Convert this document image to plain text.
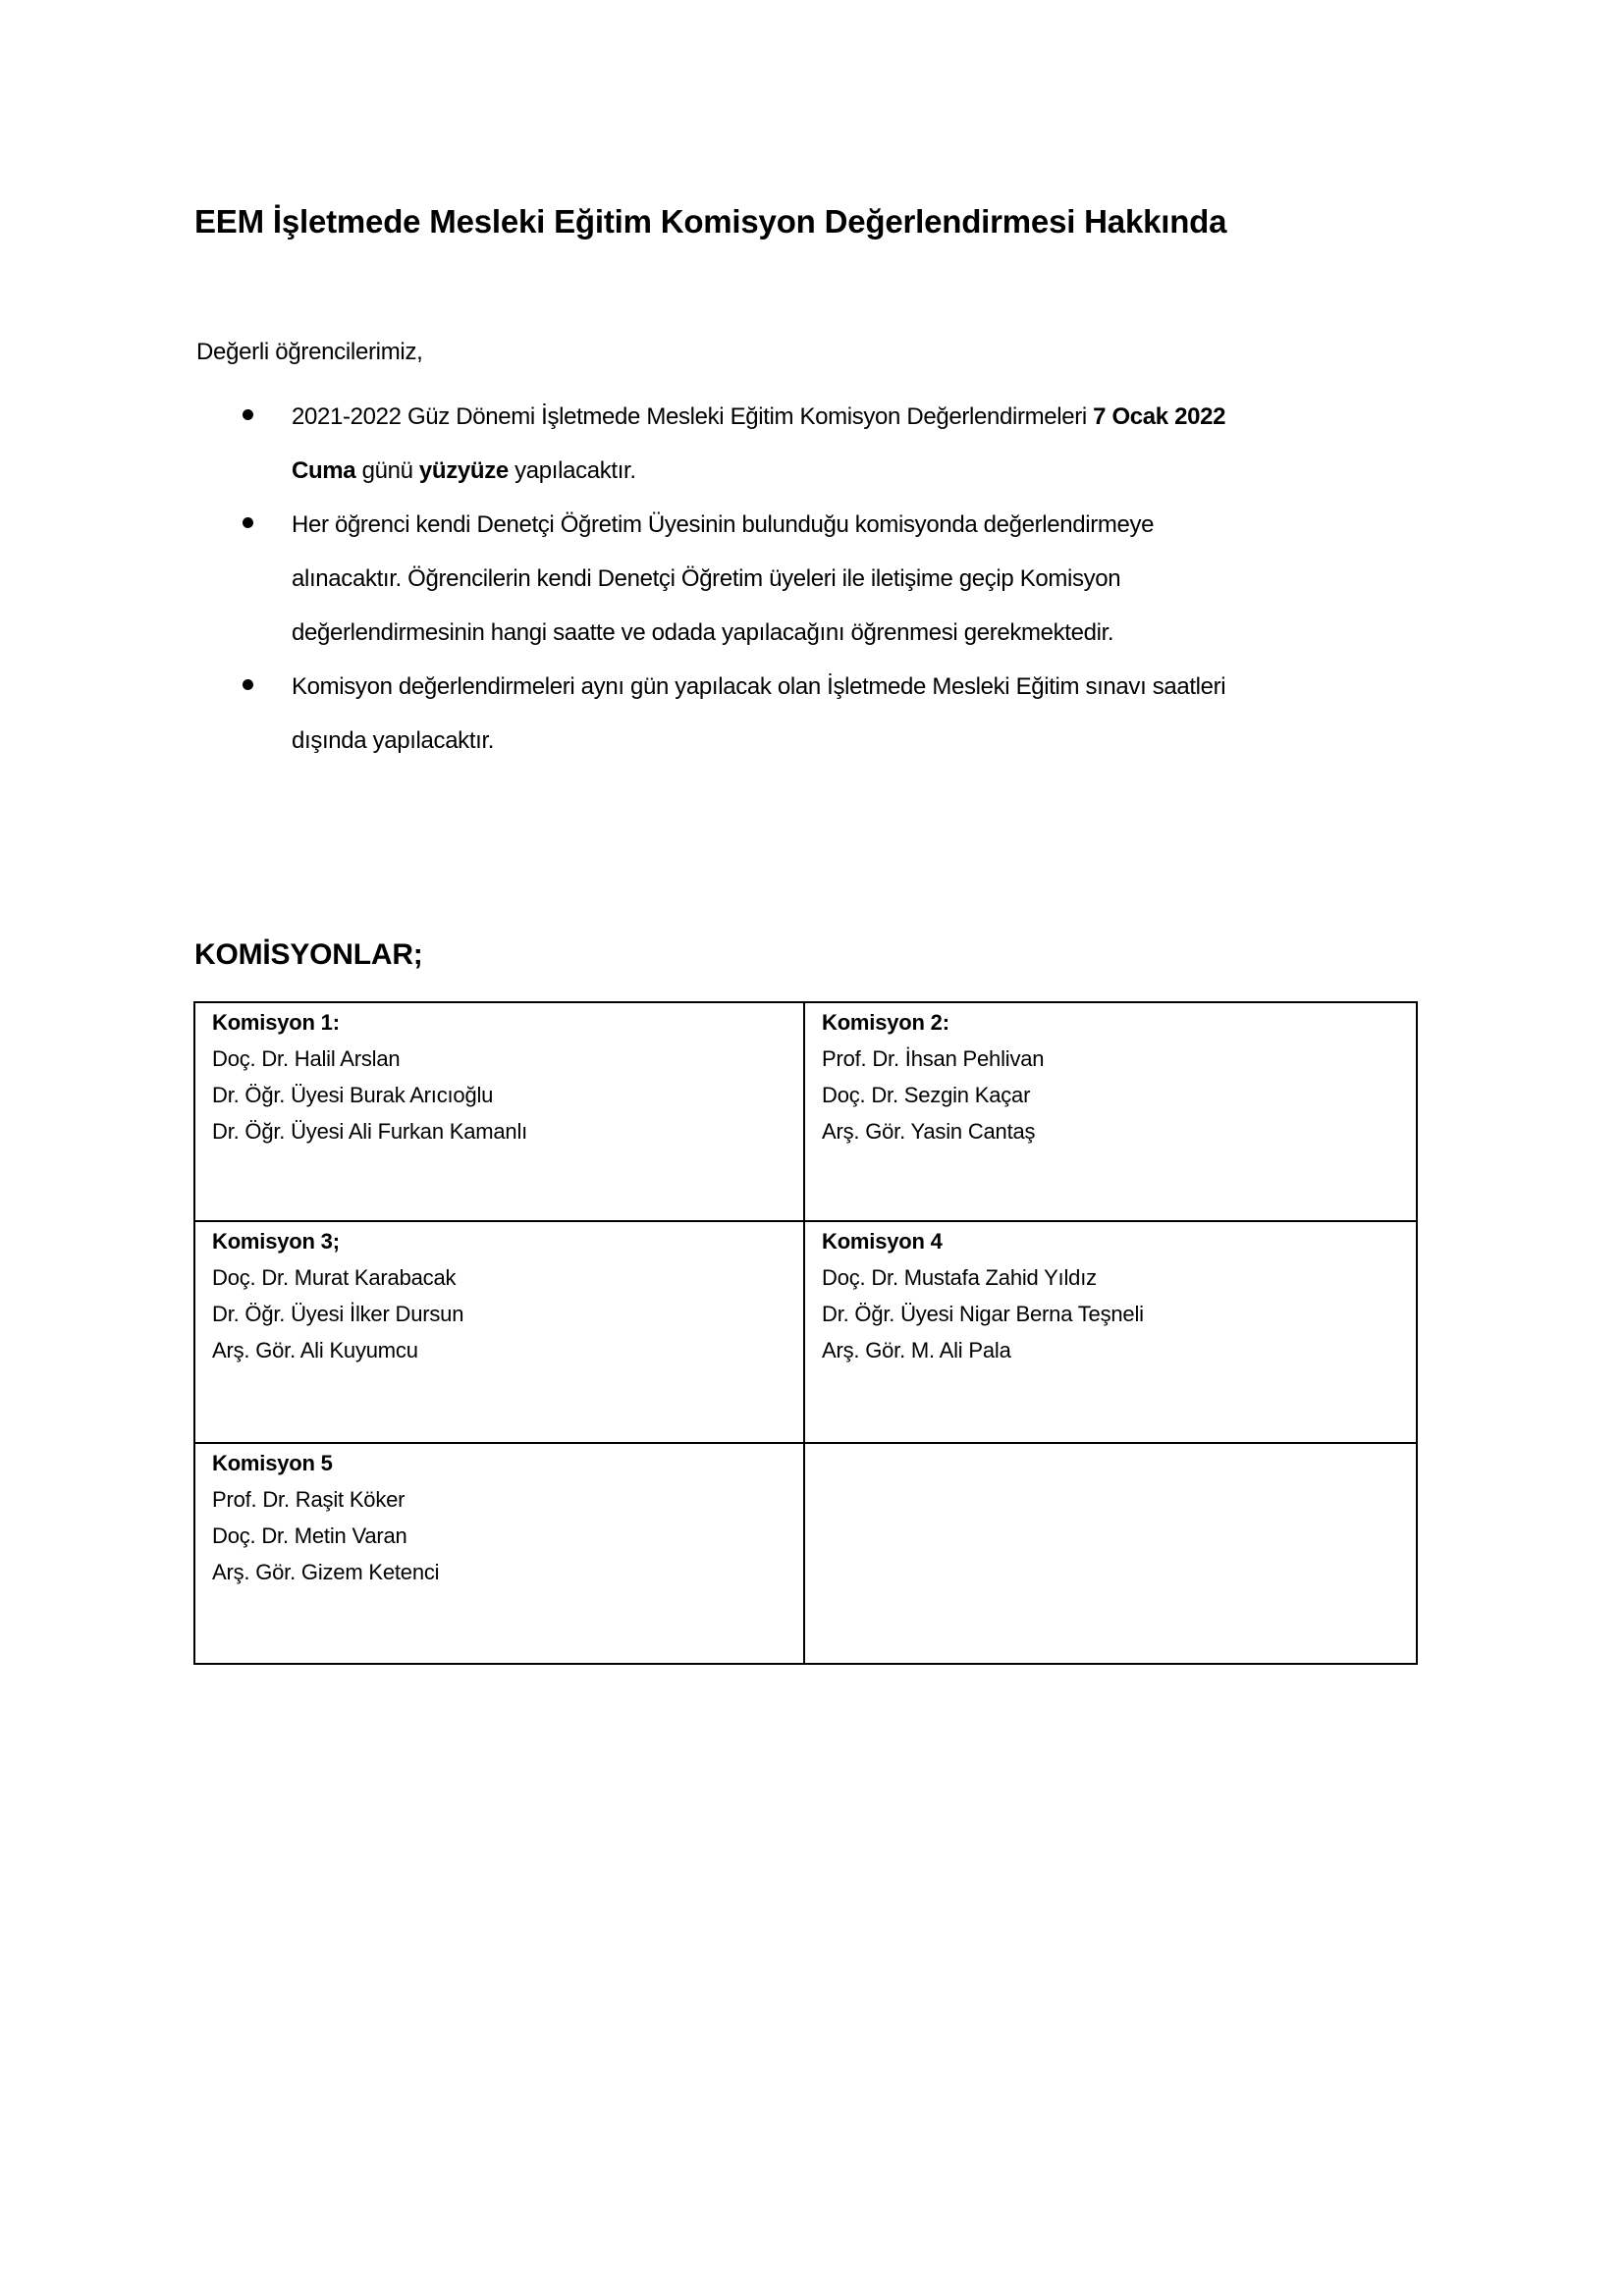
EEM İşletmede Mesleki Eğitim Komisyon Değerlendirmesi Hakkında
Değerli öğrencilerimiz,
2021-2022 Güz Dönemi İşletmede Mesleki Eğitim Komisyon Değerlendirmeleri 7 Ocak 2022
Cuma günü yüzyüze yapılacaktır.
Her öğrenci kendi Denetçi Öğretim Üyesinin bulunduğu komisyonda değerlendirmeye
alınacaktır. Öğrencilerin kendi Denetçi Öğretim üyeleri ile iletişime geçip Komisyon
değerlendirmesinin hangi saatte ve odada yapılacağını öğrenmesi gerekmektedir.
Komisyon değerlendirmeleri aynı gün yapılacak olan İşletmede Mesleki Eğitim sınavı saatleri
dışında yapılacaktır.
KOMİSYONLAR;
Komisyon 1:
Doç. Dr. Halil Arslan
Dr. Öğr. Üyesi Burak Arıcıoğlu
Dr. Öğr. Üyesi Ali Furkan Kamanlı	Komisyon 2:
Prof. Dr. İhsan Pehlivan
Doç. Dr. Sezgin Kaçar
Arş. Gör. Yasin Cantaş

Komisyon 3;
Doç. Dr. Murat Karabacak
Dr. Öğr. Üyesi İlker Dursun
Arş. Gör. Ali Kuyumcu	Komisyon 4
Doç. Dr. Mustafa Zahid Yıldız
Dr. Öğr. Üyesi Nigar Berna Teşneli
Arş. Gör. M. Ali Pala

Komisyon 5
Prof. Dr. Raşit Köker
Doç. Dr. Metin Varan
Arş. Gör. Gizem Ketenci	
